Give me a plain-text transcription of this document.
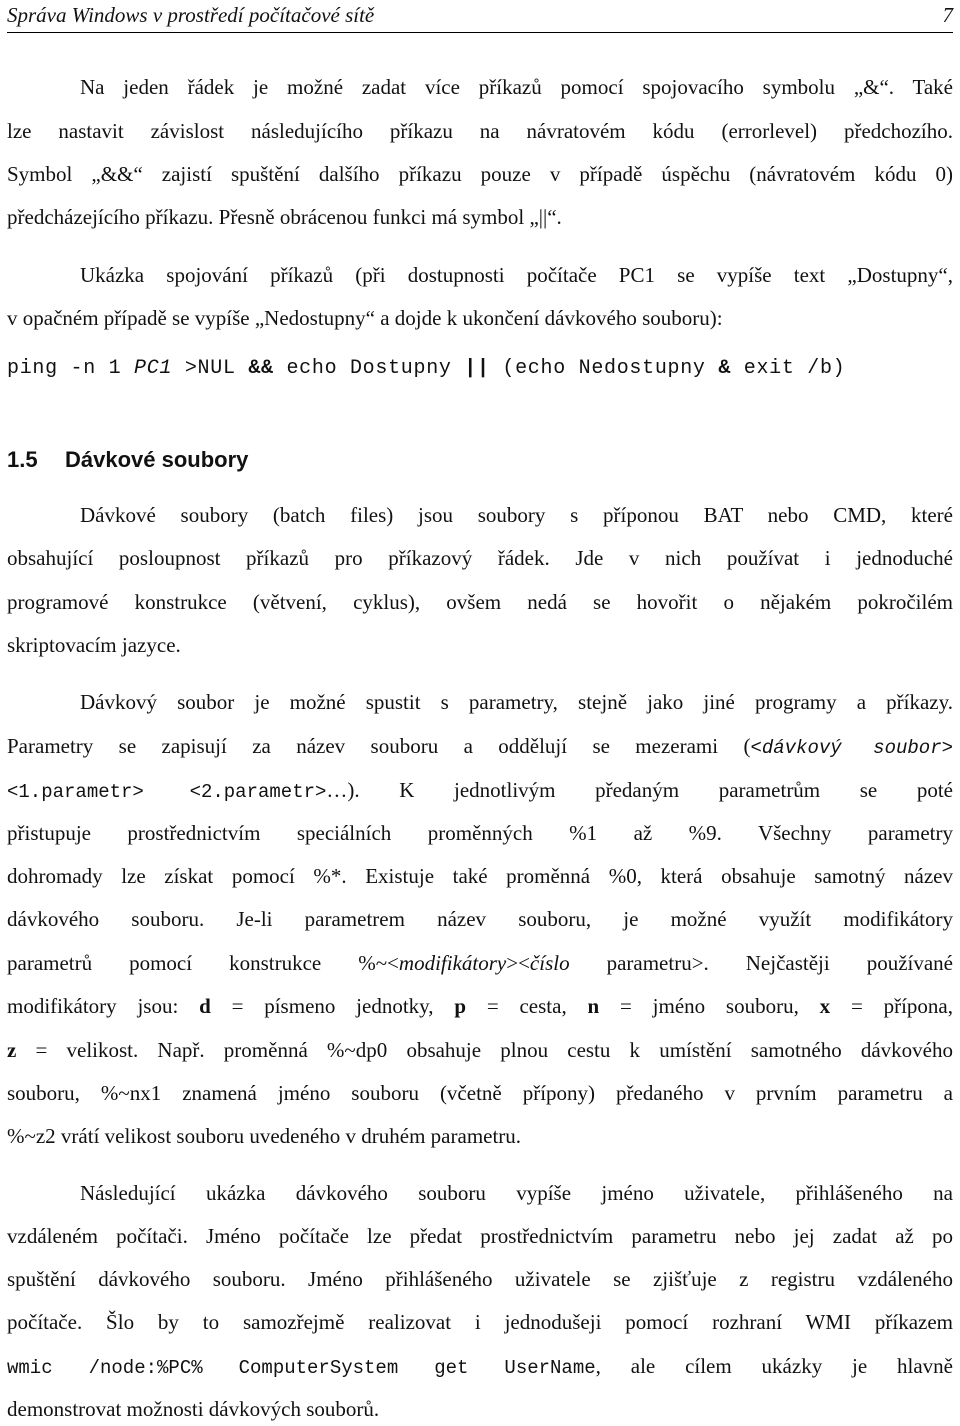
Správa Windows v prostředí počítačové sítě	7
Na jeden řádek je možné zadat více příkazů pomocí spojovacího symbolu „&“. Také
lze nastavit závislost následujícího příkazu na návratovém kódu (errorlevel) předchozího.
Symbol „&&“ zajistí spuštění dalšího příkazu pouze v případě úspěchu (návratovém kódu 0)
předcházejícího příkazu. Přesně obrácenou funkci má symbol „||“.
Ukázka spojování příkazů (při dostupnosti počítače PC1 se vypíše text „Dostupny“,
v opačném případě se vypíše „Nedostupny“ a dojde k ukončení dávkového souboru):
ping -n 1 PC1 >NUL && echo Dostupny || (echo Nedostupny & exit /b)
1.5 Dávkové soubory
Dávkové soubory (batch files) jsou soubory s příponou BAT nebo CMD, které
obsahující posloupnost příkazů pro příkazový řádek. Jde v nich používat i jednoduché
programové konstrukce (větvení, cyklus), ovšem nedá se hovořit o nějakém pokročilém
skriptovacím jazyce.
Dávkový soubor je možné spustit s parametry, stejně jako jiné programy a příkazy.
Parametry se zapisují za název souboru a oddělují se mezerami (<dávkový soubor>
<1.parametr> <2.parametr>…). K jednotlivým předaným parametrům se poté
přistupuje prostřednictvím speciálních proměnných %1 až %9. Všechny parametry
dohromady lze získat pomocí %*. Existuje také proměnná %0, která obsahuje samotný název
dávkového souboru. Je-li parametrem název souboru, je možné využít modifikátory
parametrů pomocí konstrukce %~<modifikátory><číslo parametru>. Nejčastěji používané
modifikátory jsou: d = písmeno jednotky, p = cesta, n = jméno souboru, x = přípona,
z = velikost. Např. proměnná %~dp0 obsahuje plnou cestu k umístění samotného dávkového
souboru, %~nx1 znamená jméno souboru (včetně přípony) předaného v prvním parametru a
%~z2 vrátí velikost souboru uvedeného v druhém parametru.
Následující ukázka dávkového souboru vypíše jméno uživatele, přihlášeného na
vzdáleném počítači. Jméno počítače lze předat prostřednictvím parametru nebo jej zadat až po
spuštění dávkového souboru. Jméno přihlášeného uživatele se zjišťuje z registru vzdáleného
počítače. Šlo by to samozřejmě realizovat i jednodušeji pomocí rozhraní WMI příkazem
wmic /node:%PC% ComputerSystem get UserName, ale cílem ukázky je hlavně
demonstrovat možnosti dávkových souborů.
